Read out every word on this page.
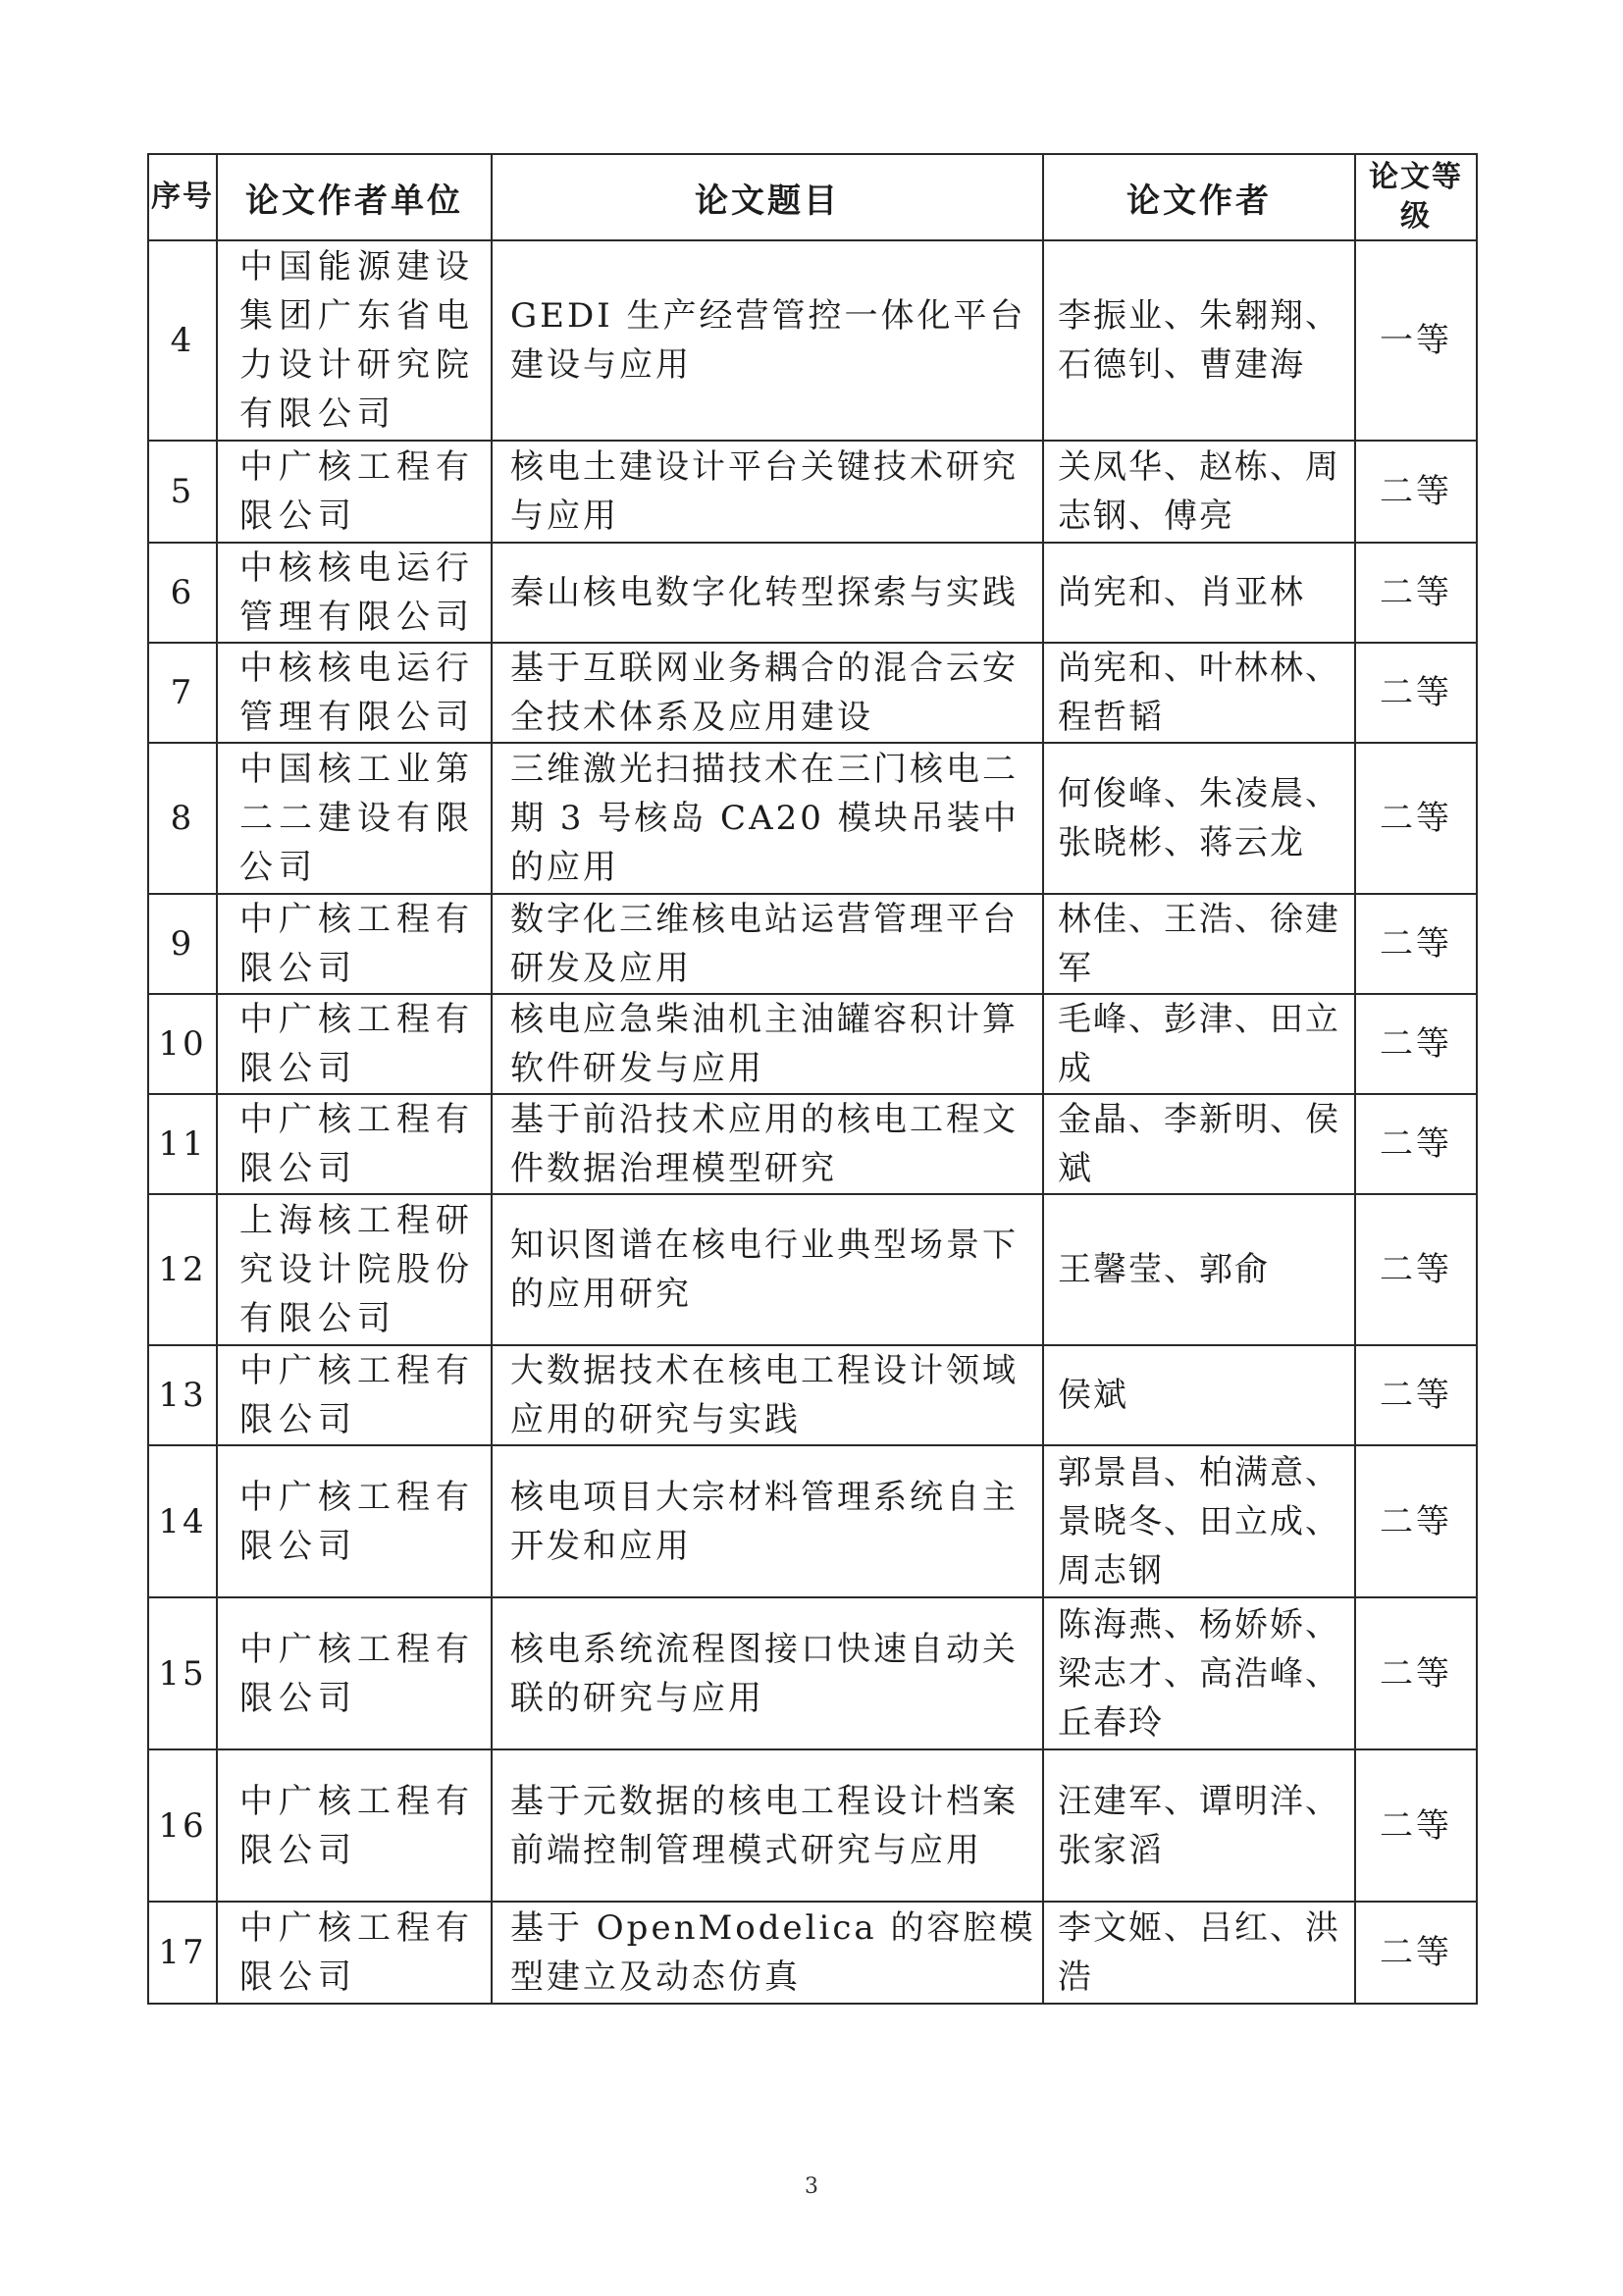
序号	论文作者单位	论文题目	论文作者	论文等级
4	中国能源建设集团广东省电力设计研究院有限公司	GEDI 生产经营管控一体化平台建设与应用	李振业、朱翱翔、石德钊、曹建海	一等
5	中广核工程有限公司	核电土建设计平台关键技术研究与应用	关凤华、赵栋、周志钢、傅亮	二等
6	中核核电运行管理有限公司	秦山核电数字化转型探索与实践	尚宪和、肖亚林	二等
7	中核核电运行管理有限公司	基于互联网业务耦合的混合云安全技术体系及应用建设	尚宪和、叶林林、程哲韬	二等
8	中国核工业第二二建设有限公司	三维激光扫描技术在三门核电二期 3 号核岛 CA20 模块吊装中的应用	何俊峰、朱凌晨、张晓彬、蒋云龙	二等
9	中广核工程有限公司	数字化三维核电站运营管理平台研发及应用	林佳、王浩、徐建军	二等
10	中广核工程有限公司	核电应急柴油机主油罐容积计算软件研发与应用	毛峰、彭津、田立成	二等
11	中广核工程有限公司	基于前沿技术应用的核电工程文件数据治理模型研究	金晶、李新明、侯斌	二等
12	上海核工程研究设计院股份有限公司	知识图谱在核电行业典型场景下的应用研究	王馨莹、郭俞	二等
13	中广核工程有限公司	大数据技术在核电工程设计领域应用的研究与实践	侯斌	二等
14	中广核工程有限公司	核电项目大宗材料管理系统自主开发和应用	郭景昌、柏满意、景晓冬、田立成、周志钢	二等
15	中广核工程有限公司	核电系统流程图接口快速自动关联的研究与应用	陈海燕、杨娇娇、梁志才、高浩峰、丘春玲	二等
16	中广核工程有限公司	基于元数据的核电工程设计档案前端控制管理模式研究与应用	汪建军、谭明洋、张家滔	二等
17	中广核工程有限公司	基于 OpenModelica 的容腔模型建立及动态仿真	李文姬、吕红、洪浩	二等
3
